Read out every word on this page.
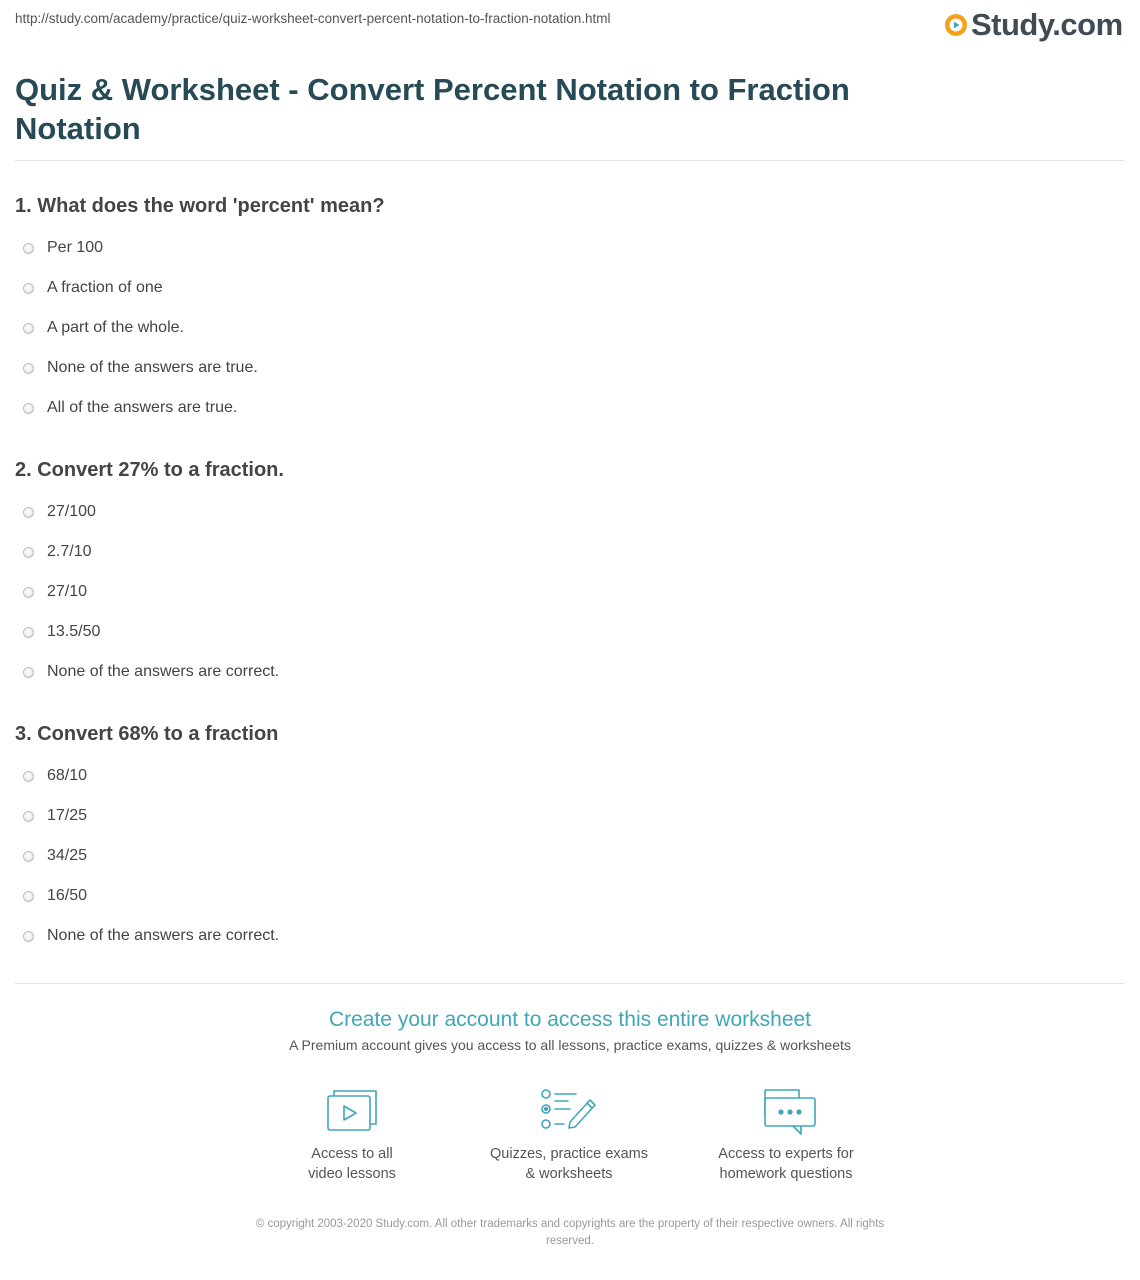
http://study.com/academy/practice/quiz-worksheet-convert-percent-notation-to-fraction-notation.html	Study.com
Quiz & Worksheet - Convert Percent Notation to Fraction Notation

1. What does the word 'percent' mean?

Per 100
A fraction of one
A part of the whole.
None of the answers are true.
All of the answers are true.

2. Convert 27% to a fraction.

27/100
2.7/10
27/10
13.5/50
None of the answers are correct.

3. Convert 68% to a fraction

68/10
17/25
34/25
16/50
None of the answers are correct.
Create your account to access this entire worksheet
A Premium account gives you access to all lessons, practice exams, quizzes & worksheets
Access to all
video lessons
Quizzes, practice exams
& worksheets
Access to experts for
homework questions
© copyright 2003-2020 Study.com. All other trademarks and copyrights are the property of their respective owners. All rights
reserved.
